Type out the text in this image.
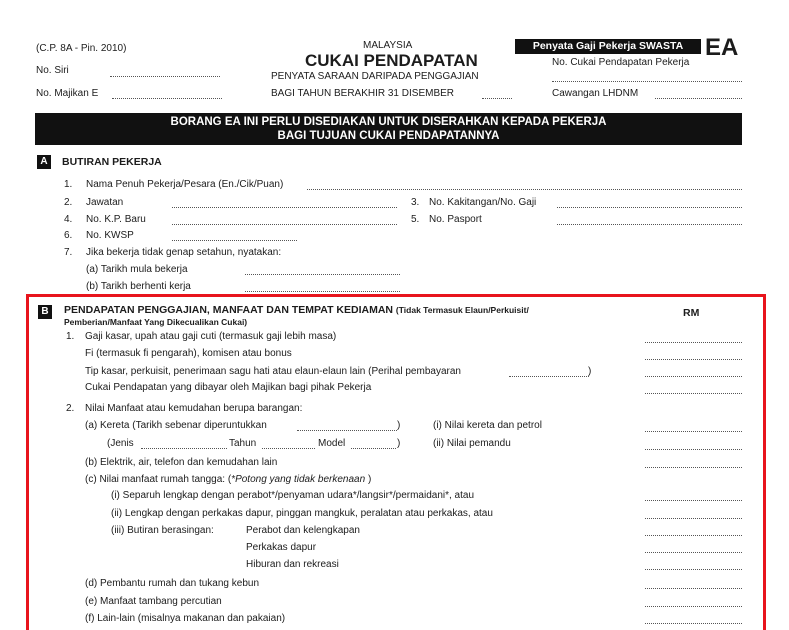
(C.P. 8A - Pin. 2010)
No. Siri
No. Majikan E
MALAYSIA
CUKAI PENDAPATAN
PENYATA SARAAN DARIPADA PENGGAJIAN
BAGI TAHUN BERAKHIR 31 DISEMBER
Penyata Gaji Pekerja SWASTA EA
No. Cukai Pendapatan Pekerja
Cawangan LHDNM
BORANG EA INI PERLU DISEDIAKAN UNTUK DISERAHKAN KEPADA PEKERJA
BAGI TUJUAN CUKAI PENDAPATANNYA
A	BUTIRAN PEKERJA
1. Nama Penuh Pekerja/Pesara (En./Cik/Puan)
2. Jawatan	3. No. Kakitangan/No. Gaji
4. No. K.P. Baru	5. No. Pasport
6. No. KWSP
7. Jika bekerja tidak genap setahun, nyatakan:
(a) Tarikh mula bekerja
(b) Tarikh berhenti kerja
B	PENDAPATAN PENGGAJIAN, MANFAAT DAN TEMPAT KEDIAMAN (Tidak Termasuk Elaun/Perkuisit/
Pemberian/Manfaat Yang Dikecualikan Cukai)
RM
1. Gaji kasar, upah atau gaji cuti (termasuk gaji lebih masa)
Fi (termasuk fi pengarah), komisen atau bonus
Tip kasar, perkuisit, penerimaan sagu hati atau elaun-elaun lain (Perihal pembayaran	)
Cukai Pendapatan yang dibayar oleh Majikan bagi pihak Pekerja
2. Nilai Manfaat atau kemudahan berupa barangan:
(a) Kereta (Tarikh sebenar diperuntukkan	)	(i) Nilai kereta dan petrol
(Jenis	Tahun	Model	)	(ii) Nilai pemandu
(b) Elektrik, air, telefon dan kemudahan lain
(c) Nilai manfaat rumah tangga: (*Potong yang tidak berkenaan )
(i) Separuh lengkap dengan perabot*/penyaman udara*/langsir*/permaidani*, atau
(ii) Lengkap dengan perkakas dapur, pinggan mangkuk, peralatan atau perkakas, atau
(iii) Butiran berasingan:	Perabot dan kelengkapan
Perkakas dapur
Hiburan dan rekreasi
(d) Pembantu rumah dan tukang kebun
(e) Manfaat tambang percutian
(f) Lain-lain (misalnya makanan dan pakaian)
